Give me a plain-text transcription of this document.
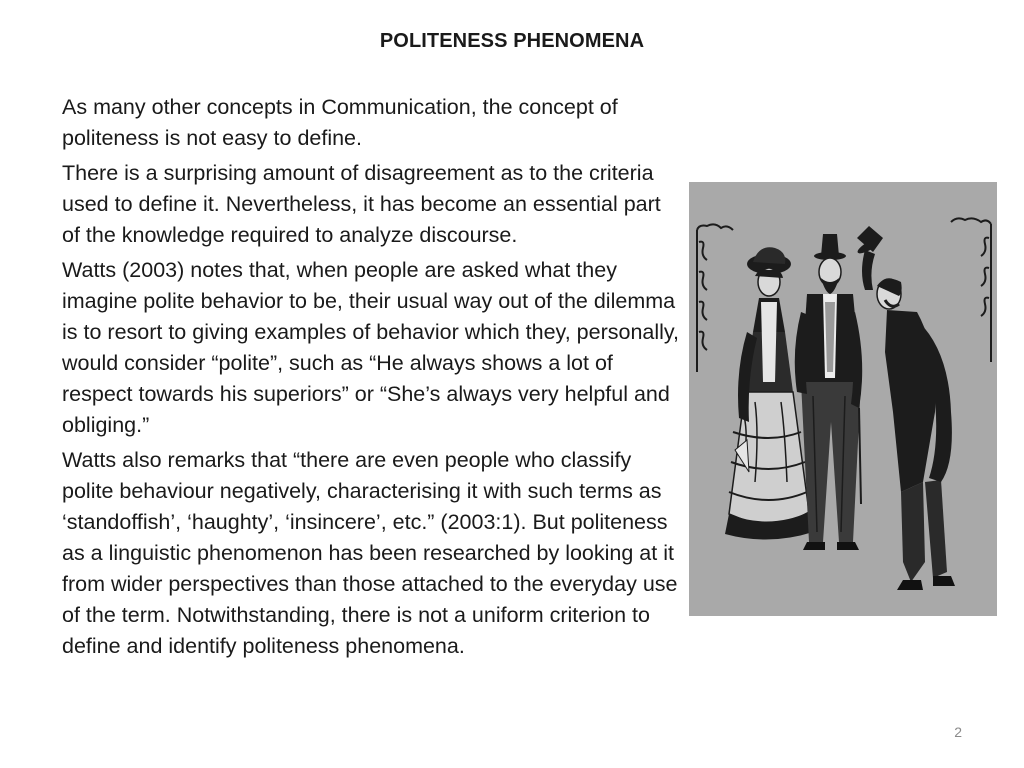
POLITENESS PHENOMENA

As many other concepts in Communication, the concept of politeness is not easy to define.

There is a surprising amount of disagreement as to the criteria used to define it. Nevertheless, it has become an essential part of the knowledge required to analyze discourse.

Watts (2003) notes that, when people are asked what they imagine polite behavior to be, their usual way out of the dilemma is to resort to giving examples of behavior which they, personally, would consider “polite”, such as “He always shows a lot of respect towards his superiors” or “She’s always very helpful and obliging.”

Watts also remarks that “there are even people who classify polite behaviour negatively, characterising it with such terms as ‘standoffish’, ‘haughty’, ‘insincere’, etc.” (2003:1). But politeness as a linguistic phenomenon has been researched by looking at it from wider perspectives than those attached to the everyday use of the term. Notwithstanding, there is not a uniform criterion to define and identify politeness phenomena.

2
